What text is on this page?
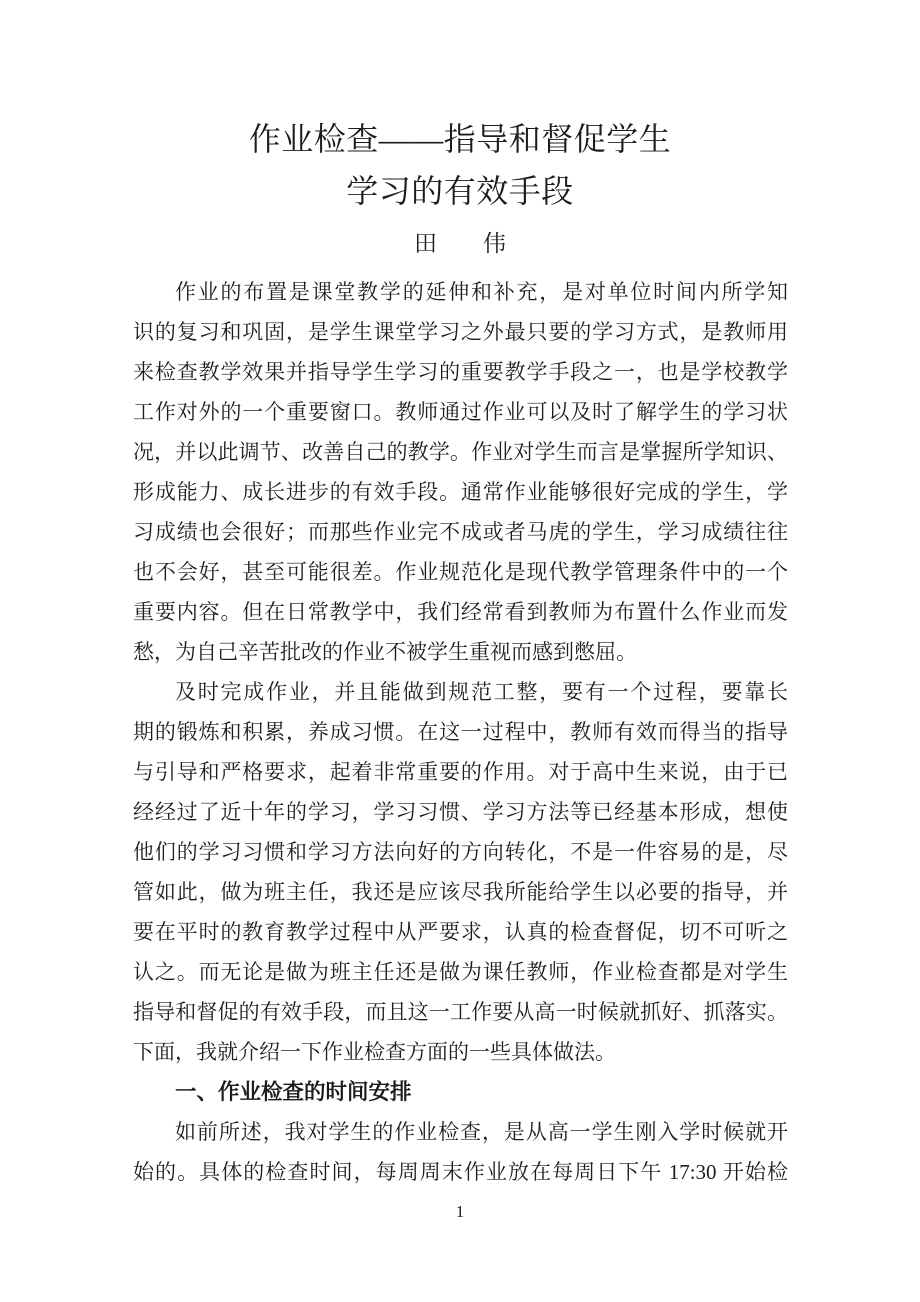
作业检查——指导和督促学生
学习的有效手段
田　　伟
作业的布置是课堂教学的延伸和补充，是对单位时间内所学知
识的复习和巩固，是学生课堂学习之外最只要的学习方式，是教师用
来检查教学效果并指导学生学习的重要教学手段之一，也是学校教学
工作对外的一个重要窗口。教师通过作业可以及时了解学生的学习状
况，并以此调节、改善自己的教学。作业对学生而言是掌握所学知识、
形成能力、成长进步的有效手段。通常作业能够很好完成的学生，学
习成绩也会很好；而那些作业完不成或者马虎的学生，学习成绩往往
也不会好，甚至可能很差。作业规范化是现代教学管理条件中的一个
重要内容。但在日常教学中，我们经常看到教师为布置什么作业而发
愁，为自己辛苦批改的作业不被学生重视而感到憋屈。
及时完成作业，并且能做到规范工整，要有一个过程，要靠长
期的锻炼和积累，养成习惯。在这一过程中，教师有效而得当的指导
与引导和严格要求，起着非常重要的作用。对于高中生来说，由于已
经经过了近十年的学习，学习习惯、学习方法等已经基本形成，想使
他们的学习习惯和学习方法向好的方向转化，不是一件容易的是，尽
管如此，做为班主任，我还是应该尽我所能给学生以必要的指导，并
要在平时的教育教学过程中从严要求，认真的检查督促，切不可听之
认之。而无论是做为班主任还是做为课任教师，作业检查都是对学生
指导和督促的有效手段，而且这一工作要从高一时候就抓好、抓落实。
下面，我就介绍一下作业检查方面的一些具体做法。
一、作业检查的时间安排
如前所述，我对学生的作业检查，是从高一学生刚入学时候就开
始的。具体的检查时间，每周周末作业放在每周日下午 17:30 开始检
1
